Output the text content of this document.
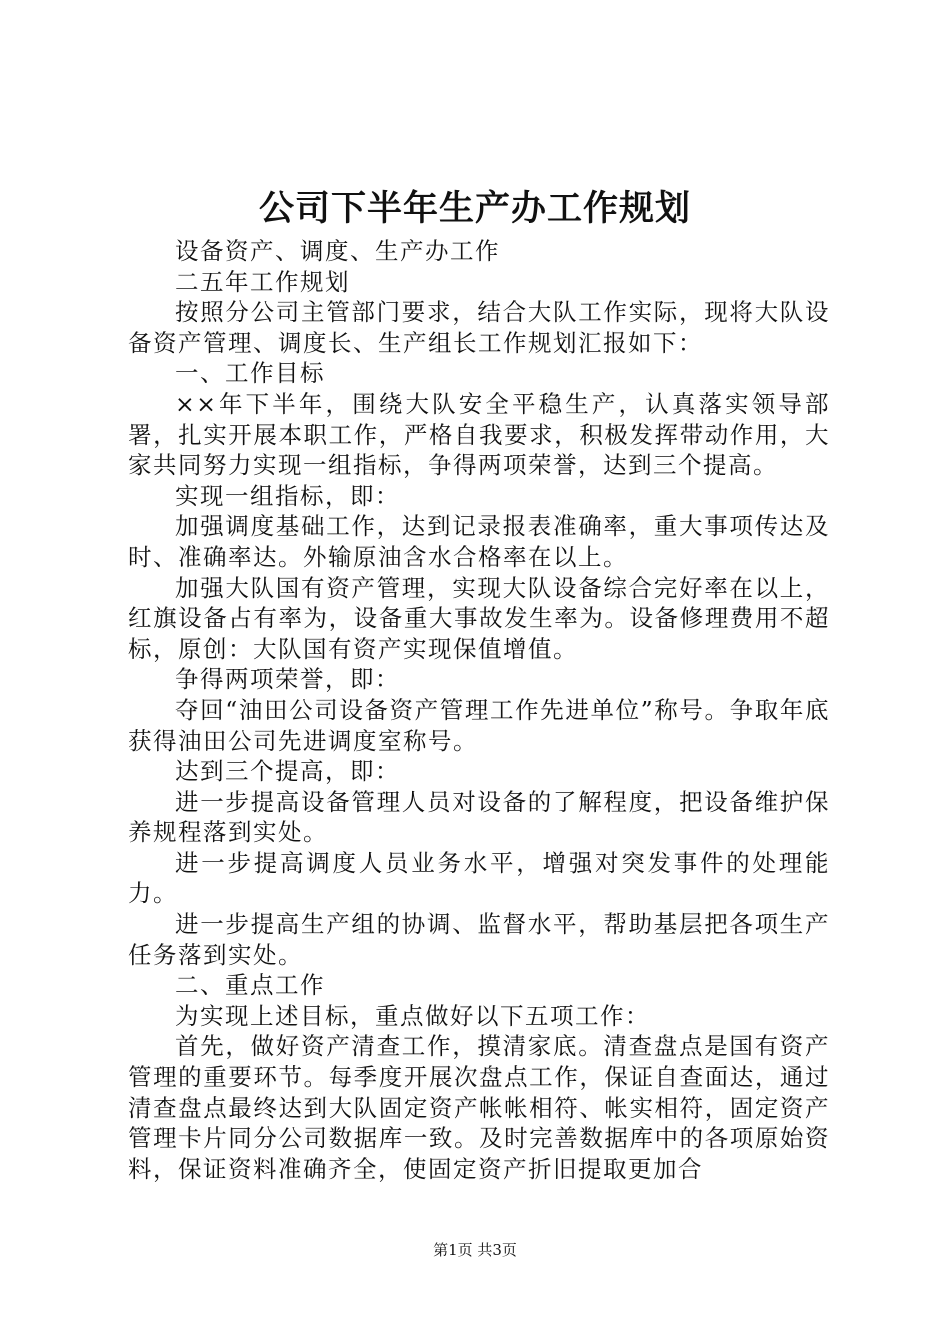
公司下半年生产办工作规划

设备资产、调度、生产办工作

二五年工作规划

按照分公司主管部门要求，结合大队工作实际，现将大队设备资产管理、调度长、生产组长工作规划汇报如下：

一、工作目标

××年下半年，围绕大队安全平稳生产，认真落实领导部署，扎实开展本职工作，严格自我要求，积极发挥带动作用，大家共同努力实现一组指标，争得两项荣誉，达到三个提高。

实现一组指标，即：

加强调度基础工作，达到记录报表准确率，重大事项传达及时、准确率达。外输原油含水合格率在以上。

加强大队国有资产管理，实现大队设备综合完好率在以上，红旗设备占有率为，设备重大事故发生率为。设备修理费用不超标，原创：大队国有资产实现保值增值。

争得两项荣誉，即：

夺回“油田公司设备资产管理工作先进单位”称号。争取年底获得油田公司先进调度室称号。

达到三个提高，即：

进一步提高设备管理人员对设备的了解程度，把设备维护保养规程落到实处。

进一步提高调度人员业务水平，增强对突发事件的处理能力。

进一步提高生产组的协调、监督水平，帮助基层把各项生产任务落到实处。

二、重点工作

为实现上述目标，重点做好以下五项工作：

首先，做好资产清查工作，摸清家底。清查盘点是国有资产管理的重要环节。每季度开展次盘点工作，保证自查面达，通过清查盘点最终达到大队固定资产帐帐相符、帐实相符，固定资产管理卡片同分公司数据库一致。及时完善数据库中的各项原始资料，保证资料准确齐全，使固定资产折旧提取更加合

第1页 共3页
